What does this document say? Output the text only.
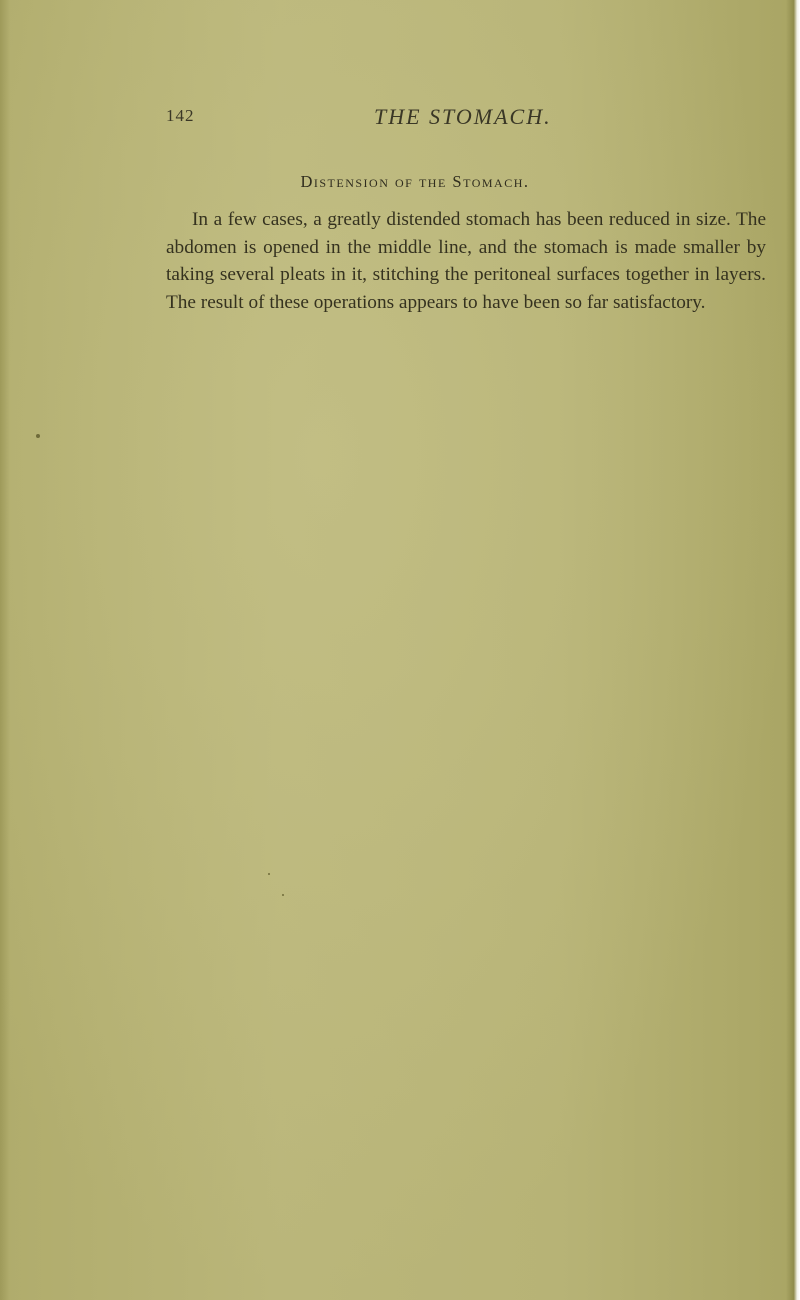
142	THE STOMACH.
Distension of the Stomach.

In a few cases, a greatly distended stomach has been reduced in size. The abdomen is opened in the middle line, and the stomach is made smaller by taking several pleats in it, stitching the peritoneal surfaces together in layers. The result of these operations appears to have been so far satisfactory.
